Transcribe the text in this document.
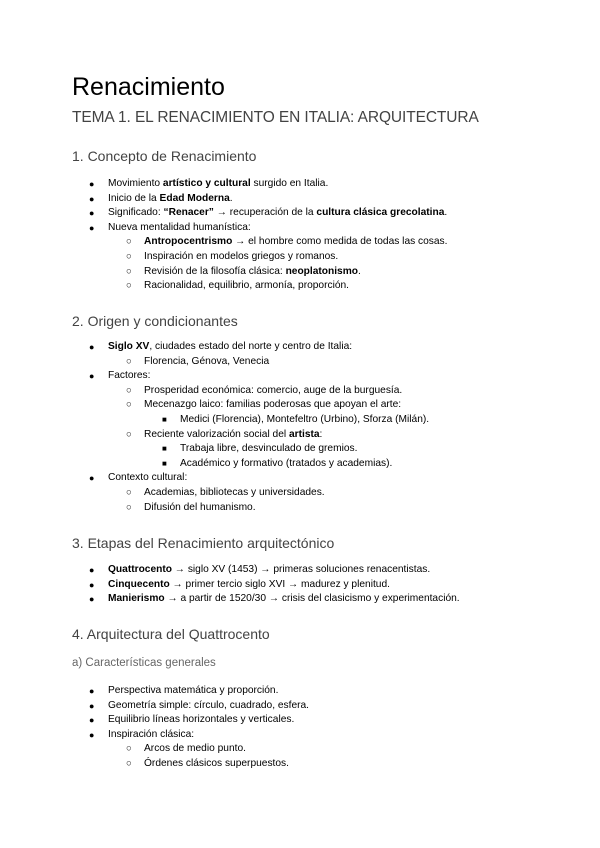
Renacimiento
TEMA 1. EL RENACIMIENTO EN ITALIA: ARQUITECTURA
1. Concepto de Renacimiento
● Movimiento artístico y cultural surgido en Italia.
● Inicio de la Edad Moderna.
● Significado: “Renacer” → recuperación de la cultura clásica grecolatina.
● Nueva mentalidad humanística:
○ Antropocentrismo → el hombre como medida de todas las cosas.
○ Inspiración en modelos griegos y romanos.
○ Revisión de la filosofía clásica: neoplatonismo.
○ Racionalidad, equilibrio, armonía, proporción.
2. Origen y condicionantes
● Siglo XV, ciudades estado del norte y centro de Italia:
○ Florencia, Génova, Venecia
● Factores:
○ Prosperidad económica: comercio, auge de la burguesía.
○ Mecenazgo laico: familias poderosas que apoyan el arte:
■ Medici (Florencia), Montefeltro (Urbino), Sforza (Milán).
○ Reciente valorización social del artista:
■ Trabaja libre, desvinculado de gremios.
■ Académico y formativo (tratados y academias).
● Contexto cultural:
○ Academias, bibliotecas y universidades.
○ Difusión del humanismo.
3. Etapas del Renacimiento arquitectónico
● Quattrocento → siglo XV (1453) → primeras soluciones renacentistas.
● Cinquecento → primer tercio siglo XVI → madurez y plenitud.
● Manierismo → a partir de 1520/30 → crisis del clasicismo y experimentación.
4. Arquitectura del Quattrocento
a) Características generales
● Perspectiva matemática y proporción.
● Geometría simple: círculo, cuadrado, esfera.
● Equilibrio líneas horizontales y verticales.
● Inspiración clásica:
○ Arcos de medio punto.
○ Órdenes clásicos superpuestos.
